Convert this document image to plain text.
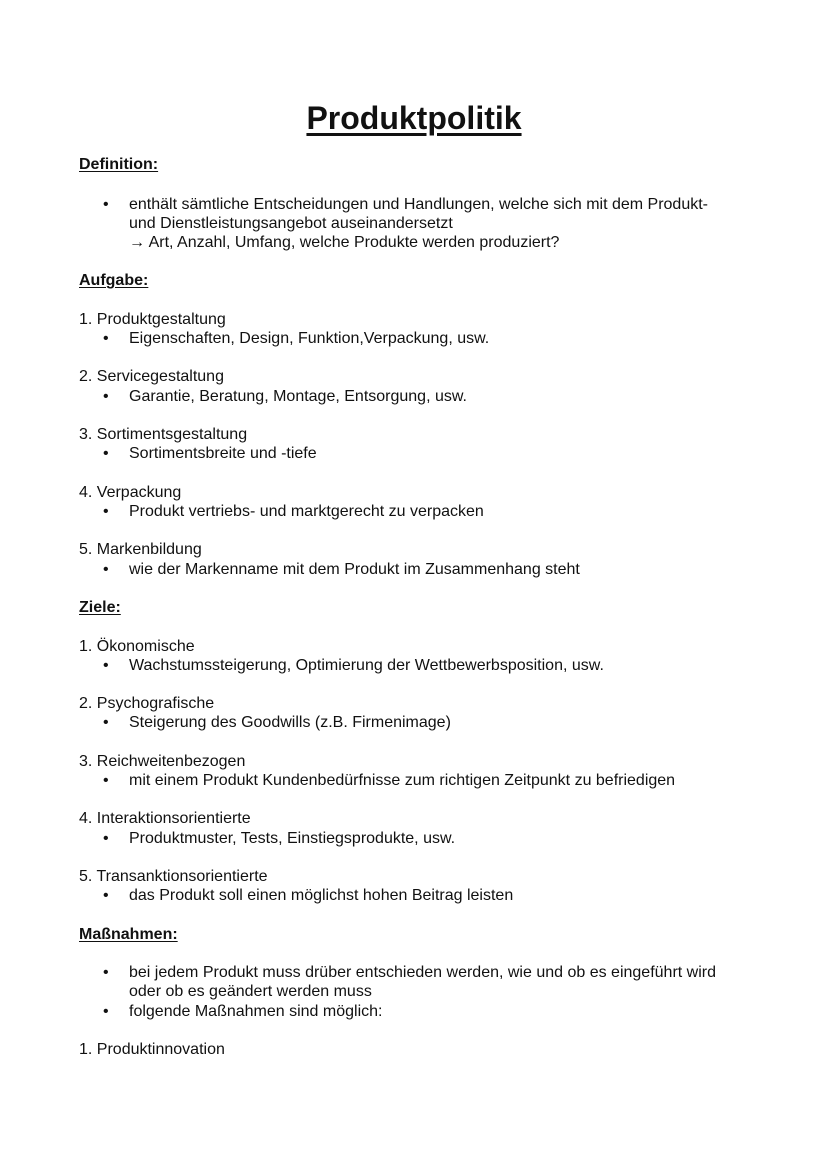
Produktpolitik
Definition:
• enthält sämtliche Entscheidungen und Handlungen, welche sich mit dem Produkt-
und Dienstleistungsangebot auseinandersetzt
→ Art, Anzahl, Umfang, welche Produkte werden produziert?
Aufgabe:
1. Produktgestaltung
• Eigenschaften, Design, Funktion,Verpackung, usw.
2. Servicegestaltung
• Garantie, Beratung, Montage, Entsorgung, usw.
3. Sortimentsgestaltung
• Sortimentsbreite und -tiefe
4. Verpackung
• Produkt vertriebs- und marktgerecht zu verpacken
5. Markenbildung
• wie der Markenname mit dem Produkt im Zusammenhang steht
Ziele:
1. Ökonomische
• Wachstumssteigerung, Optimierung der Wettbewerbsposition, usw.
2. Psychografische
• Steigerung des Goodwills (z.B. Firmenimage)
3. Reichweitenbezogen
• mit einem Produkt Kundenbedürfnisse zum richtigen Zeitpunkt zu befriedigen
4. Interaktionsorientierte
• Produktmuster, Tests, Einstiegsprodukte, usw.
5. Transanktionsorientierte
• das Produkt soll einen möglichst hohen Beitrag leisten
Maßnahmen:
• bei jedem Produkt muss drüber entschieden werden, wie und ob es eingeführt wird
oder ob es geändert werden muss
• folgende Maßnahmen sind möglich:
1. Produktinnovation
